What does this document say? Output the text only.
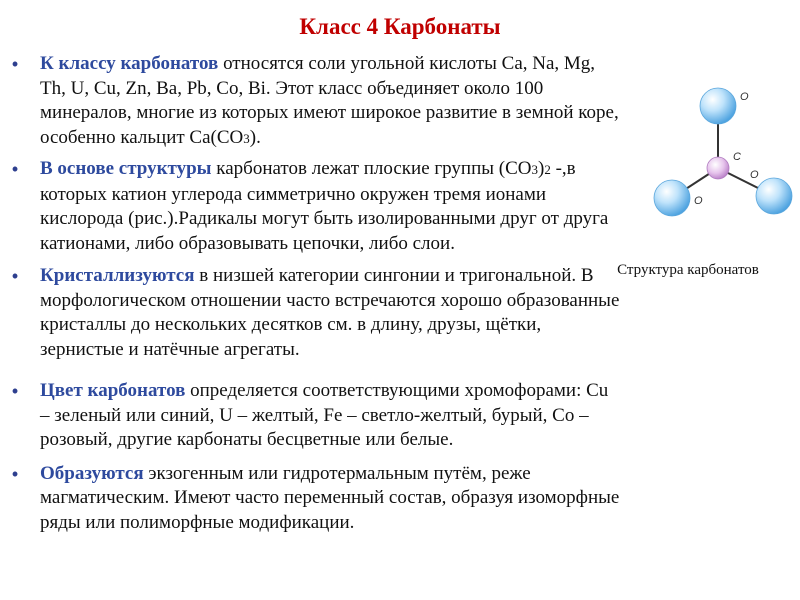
Класс 4 Карбонаты
• К классу карбонатов относятся соли угольной кислоты Са, Na, Mg, Th, U, Cu, Zn, Ba, Pb, Co, Bi. Этот класс объединяет около 100 минералов, многие из которых имеют широкое развитие в земной коре, особенно кальцит Са(СО3).
• В основе структуры карбонатов лежат плоские группы (СО3)2 -,в которых катион углерода симметрично окружен тремя ионами кислорода (рис.).Радикалы могут быть изолированными друг от друга катионами, либо образовывать цепочки, либо слои.
• Кристаллизуются в низшей категории сингонии и тригональной. В морфологическом отношении часто встречаются хорошо образованные кристаллы до нескольких десятков см. в длину, друзы, щётки, зернистые и натёчные агрегаты.
• Цвет карбонатов определяется соответствующими хромофорами: Cu – зеленый или синий, U – желтый, Fe – светло-желтый, бурый, Со – розовый, другие карбонаты бесцветные или белые.
• Образуются экзогенным или гидротермальным путём, реже магматическим. Имеют часто переменный состав, образуя изоморфные ряды или полиморфные модификации.
O
C
O
O
Структура карбонатов
